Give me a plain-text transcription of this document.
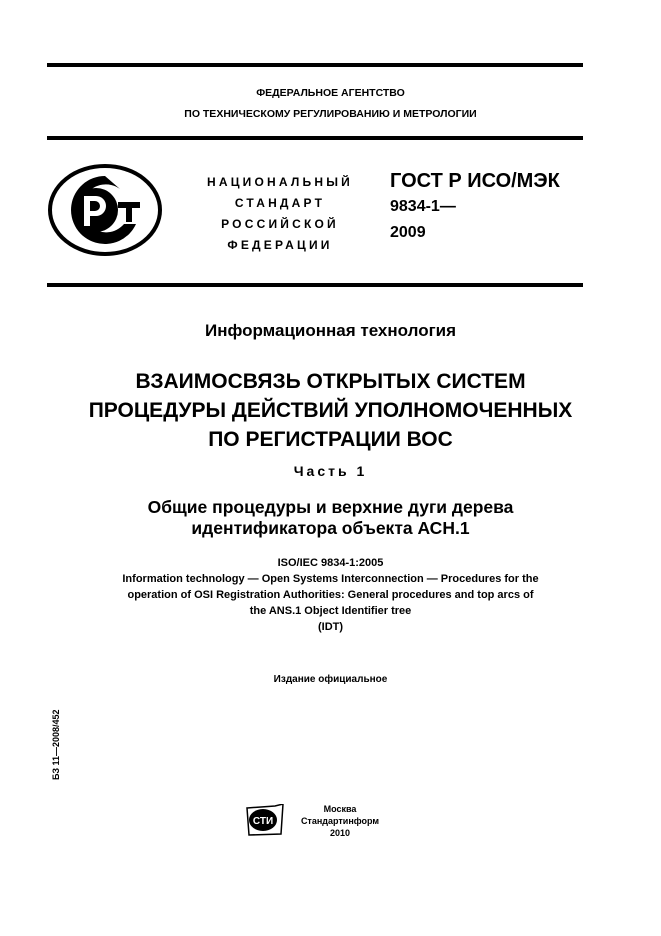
ФЕДЕРАЛЬНОЕ АГЕНТСТВО
ПО ТЕХНИЧЕСКОМУ РЕГУЛИРОВАНИЮ И МЕТРОЛОГИИ
НАЦИОНАЛЬНЫЙ
СТАНДАРТ
РОССИЙСКОЙ
ФЕДЕРАЦИИ
ГОСТ Р ИСО/МЭК
9834-1—
2009
Информационная технология
ВЗАИМОСВЯЗЬ ОТКРЫТЫХ СИСТЕМ
ПРОЦЕДУРЫ ДЕЙСТВИЙ УПОЛНОМОЧЕННЫХ
ПО РЕГИСТРАЦИИ ВОС
Часть 1
Общие процедуры и верхние дуги дерева
идентификатора объекта АСН.1
ISO/IEC 9834-1:2005
Information technology — Open Systems Interconnection — Procedures for the
operation of OSI Registration Authorities: General procedures and top arcs of
the ANS.1 Object Identifier tree
(IDT)
Издание официальное
БЗ 11—2008/452
СТИ
Москва
Стандартинформ
2010
